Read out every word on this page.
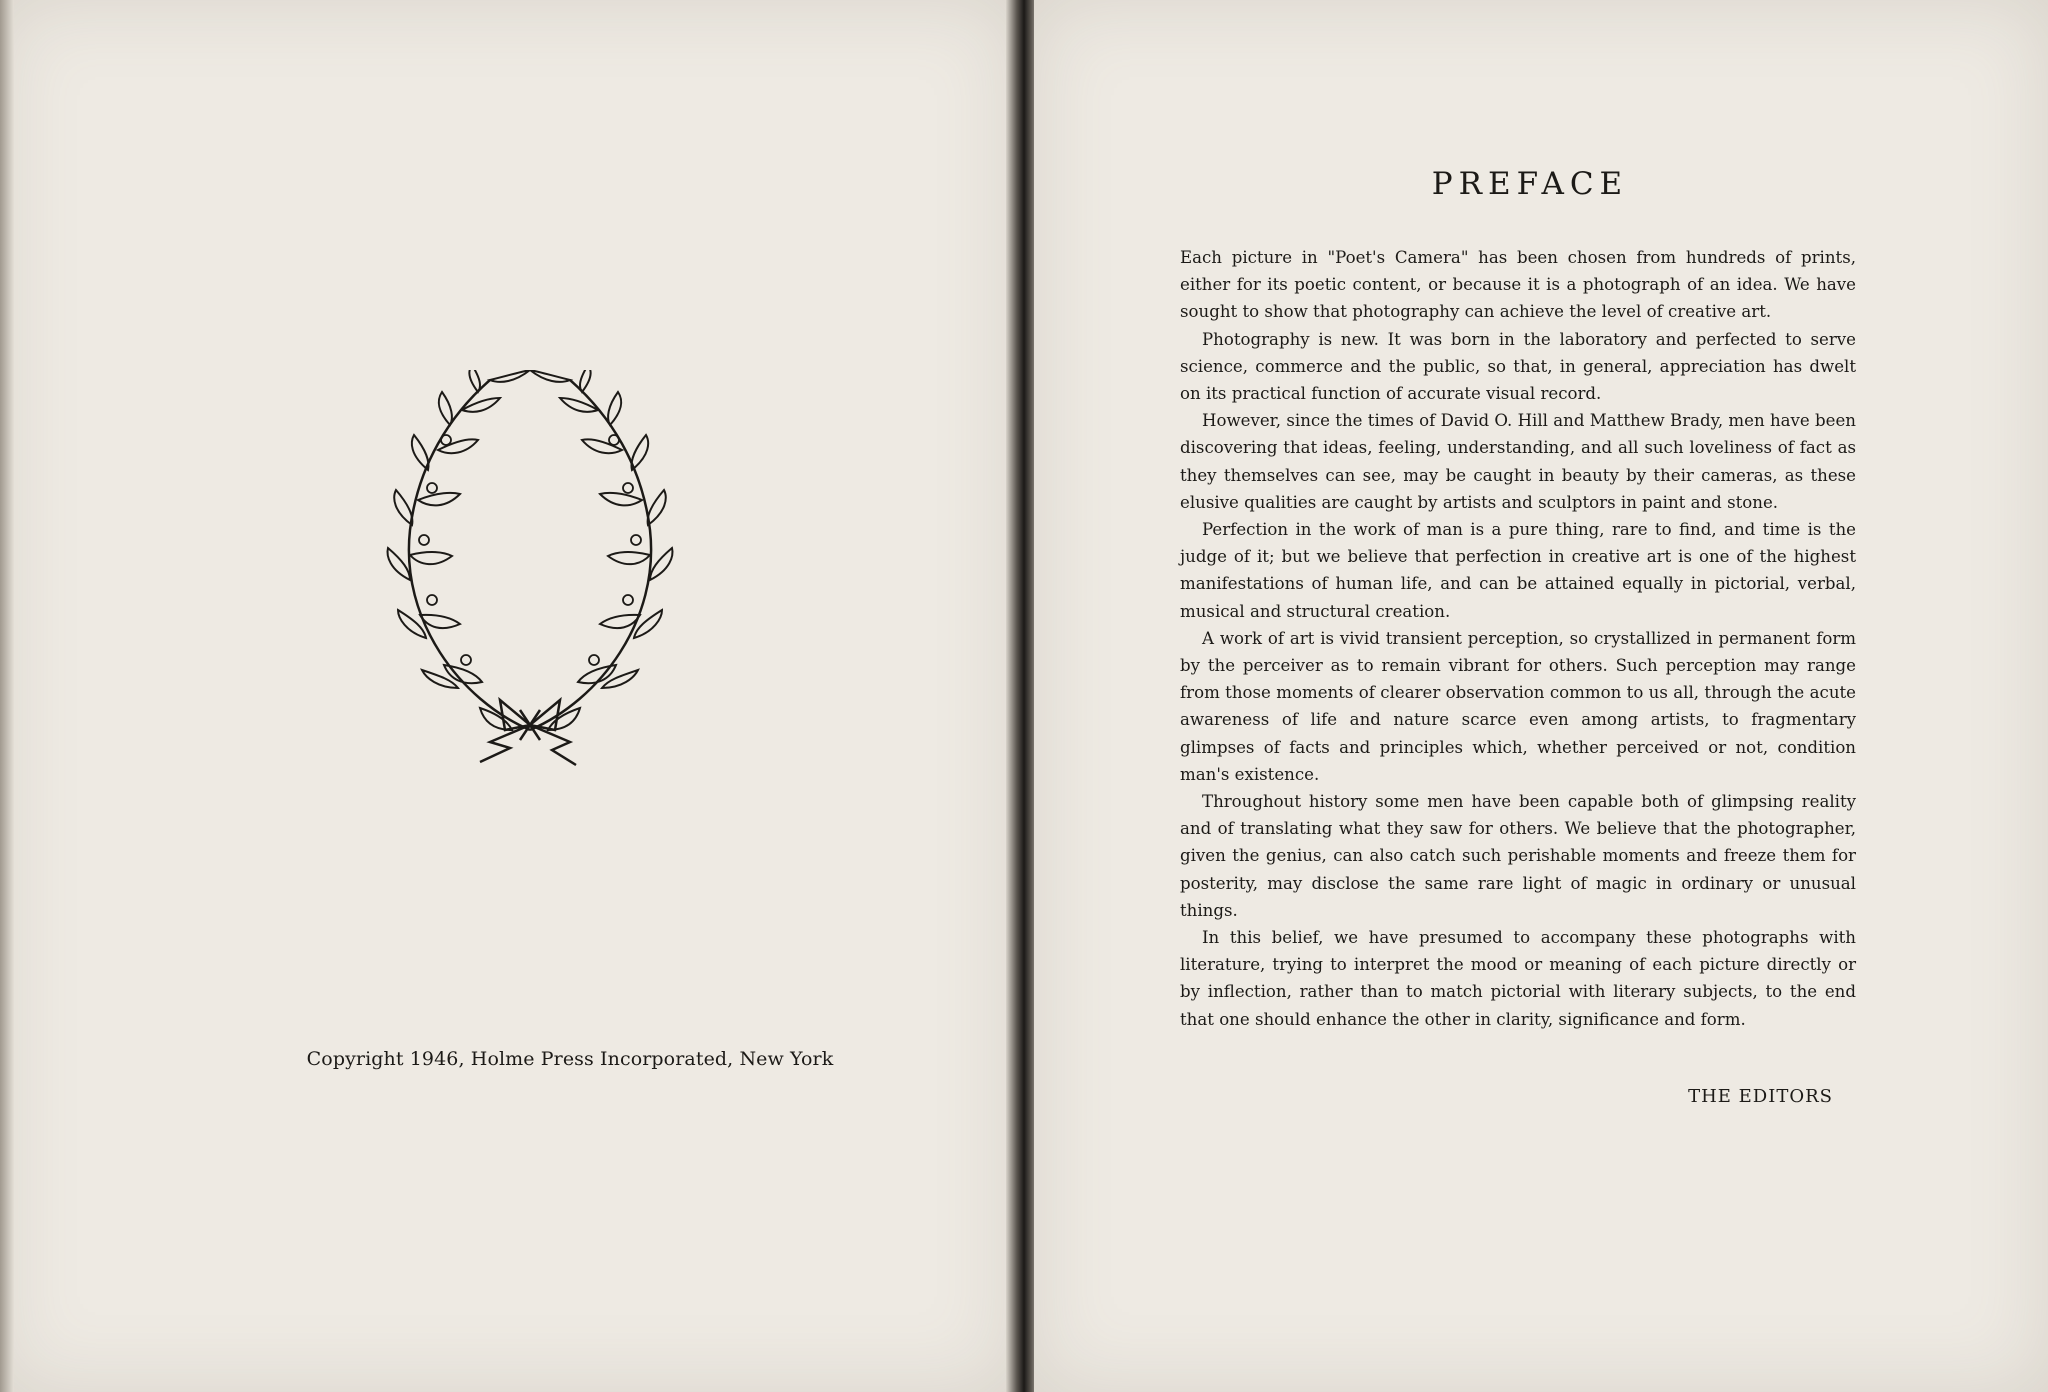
Copyright 1946, Holme Press Incorporated, New York
PREFACE

Each picture in "Poet's Camera" has been chosen from hundreds of prints, either for its poetic content, or because it is a photograph of an idea. We have sought to show that photography can achieve the level of creative art.

Photography is new. It was born in the laboratory and perfected to serve science, commerce and the public, so that, in general, appreciation has dwelt on its practical function of accurate visual record.

However, since the times of David O. Hill and Matthew Brady, men have been discovering that ideas, feeling, understanding, and all such loveliness of fact as they themselves can see, may be caught in beauty by their cameras, as these elusive qualities are caught by artists and sculptors in paint and stone.

Perfection in the work of man is a pure thing, rare to find, and time is the judge of it; but we believe that perfection in creative art is one of the highest manifestations of human life, and can be attained equally in pictorial, verbal, musical and structural creation.

A work of art is vivid transient perception, so crystallized in permanent form by the perceiver as to remain vibrant for others. Such perception may range from those moments of clearer observation common to us all, through the acute awareness of life and nature scarce even among artists, to fragmentary glimpses of facts and principles which, whether perceived or not, condition man's existence.

Throughout history some men have been capable both of glimpsing reality and of translating what they saw for others. We believe that the photographer, given the genius, can also catch such perishable moments and freeze them for posterity, may disclose the same rare light of magic in ordinary or unusual things.

In this belief, we have presumed to accompany these photographs with literature, trying to interpret the mood or meaning of each picture directly or by inflection, rather than to match pictorial with literary subjects, to the end that one should enhance the other in clarity, significance and form.

THE EDITORS
